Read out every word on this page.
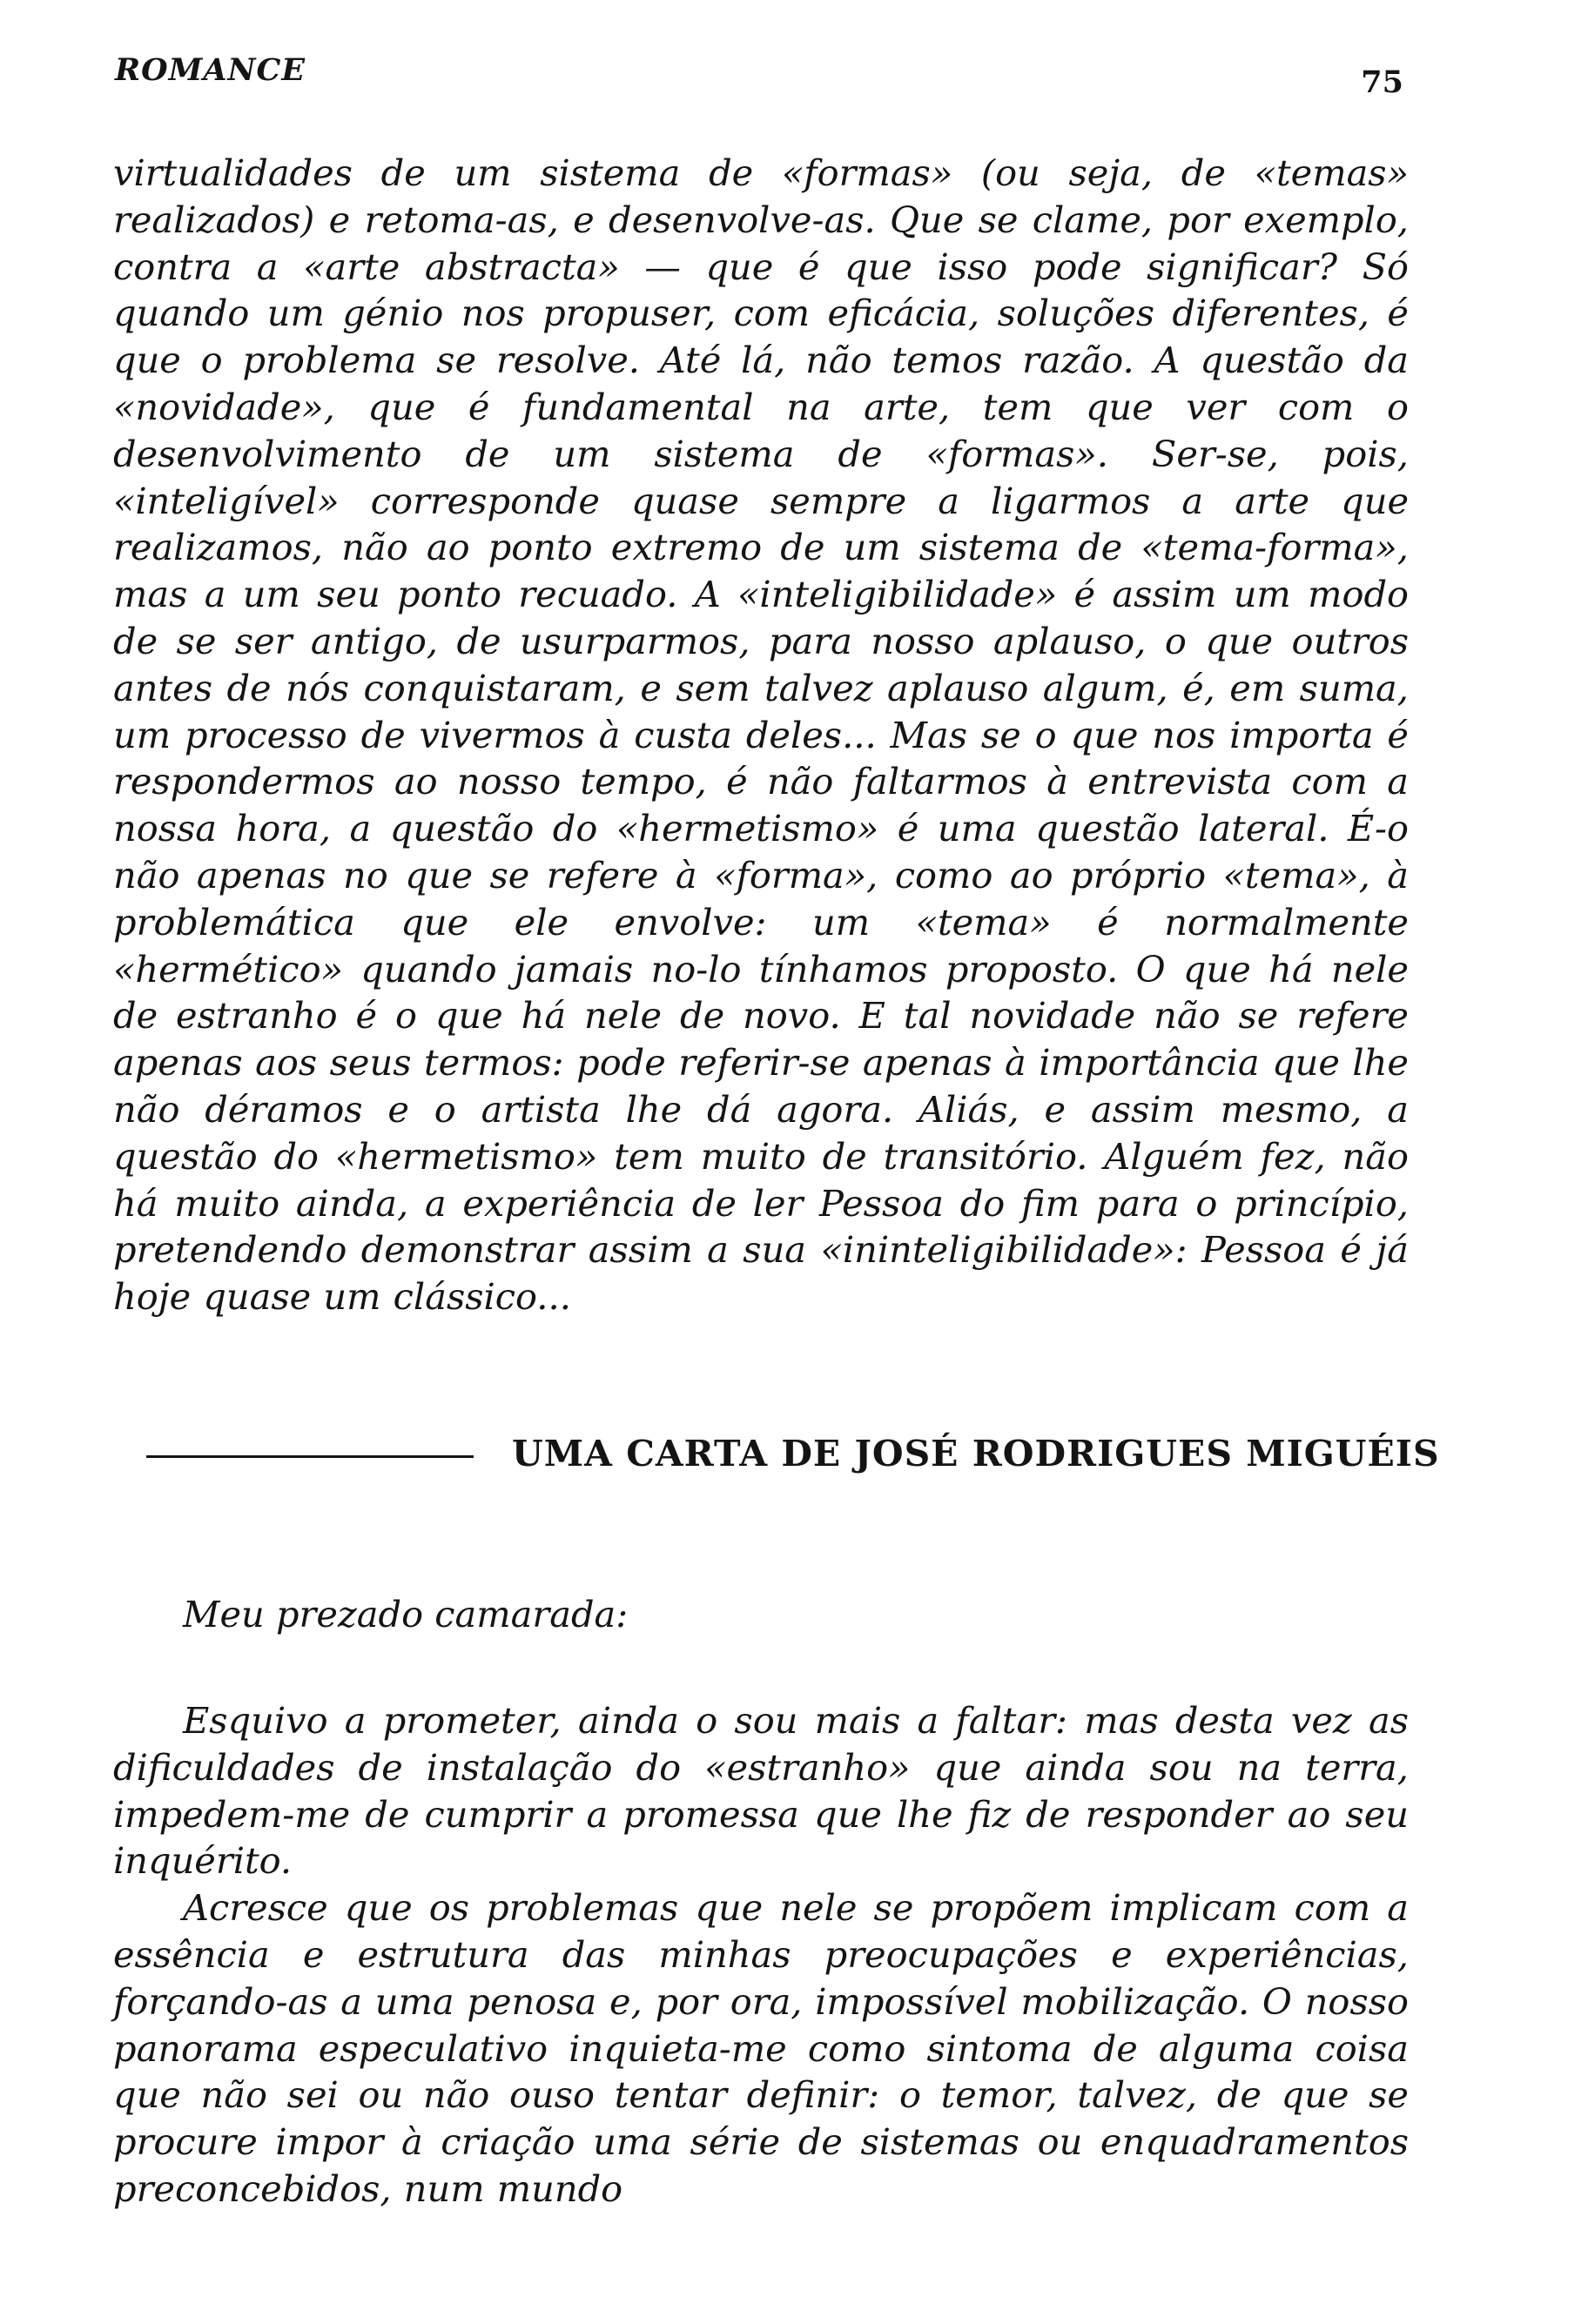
ROMANCE	75

virtualidades de um sistema de «formas» (ou seja, de «temas» realizados) e retoma-as, e desenvolve-as. Que se clame, por exemplo, contra a «arte abstracta» — que é que isso pode significar? Só quando um génio nos propuser, com eficácia, soluções diferentes, é que o problema se resolve. Até lá, não temos razão. A questão da «novidade», que é fundamental na arte, tem que ver com o desenvolvimento de um sistema de «formas». Ser-se, pois, «inteligível» corresponde quase sempre a ligarmos a arte que realizamos, não ao ponto extremo de um sistema de «tema-forma», mas a um seu ponto recuado. A «inteligibilidade» é assim um modo de se ser antigo, de usurparmos, para nosso aplauso, o que outros antes de nós conquistaram, e sem talvez aplauso algum, é, em suma, um processo de vivermos à custa deles... Mas se o que nos importa é respondermos ao nosso tempo, é não faltarmos à entrevista com a nossa hora, a questão do «hermetismo» é uma questão lateral. É-o não apenas no que se refere à «forma», como ao próprio «tema», à problemática que ele envolve: um «tema» é normalmente «hermético» quando jamais no-lo tínhamos proposto. O que há nele de estranho é o que há nele de novo. E tal novidade não se refere apenas aos seus termos: pode referir-se apenas à importância que lhe não déramos e o artista lhe dá agora. Aliás, e assim mesmo, a questão do «hermetismo» tem muito de transitório. Alguém fez, não há muito ainda, a experiência de ler Pessoa do fim para o princípio, pretendendo demonstrar assim a sua «ininteligibilidade»: Pessoa é já hoje quase um clássico...

UMA CARTA DE JOSÉ RODRIGUES MIGUÉIS

Meu prezado camarada:

Esquivo a prometer, ainda o sou mais a faltar: mas desta vez as dificuldades de instalação do «estranho» que ainda sou na terra, impedem-me de cumprir a promessa que lhe fiz de responder ao seu inquérito.

Acresce que os problemas que nele se propõem implicam com a essência e estrutura das minhas preocupações e experiências, forçando-as a uma penosa e, por ora, impossível mobilização. O nosso panorama especulativo inquieta-me como sintoma de alguma coisa que não sei ou não ouso tentar definir: o temor, talvez, de que se procure impor à criação uma série de sistemas ou enquadramentos preconcebidos, num mundo
